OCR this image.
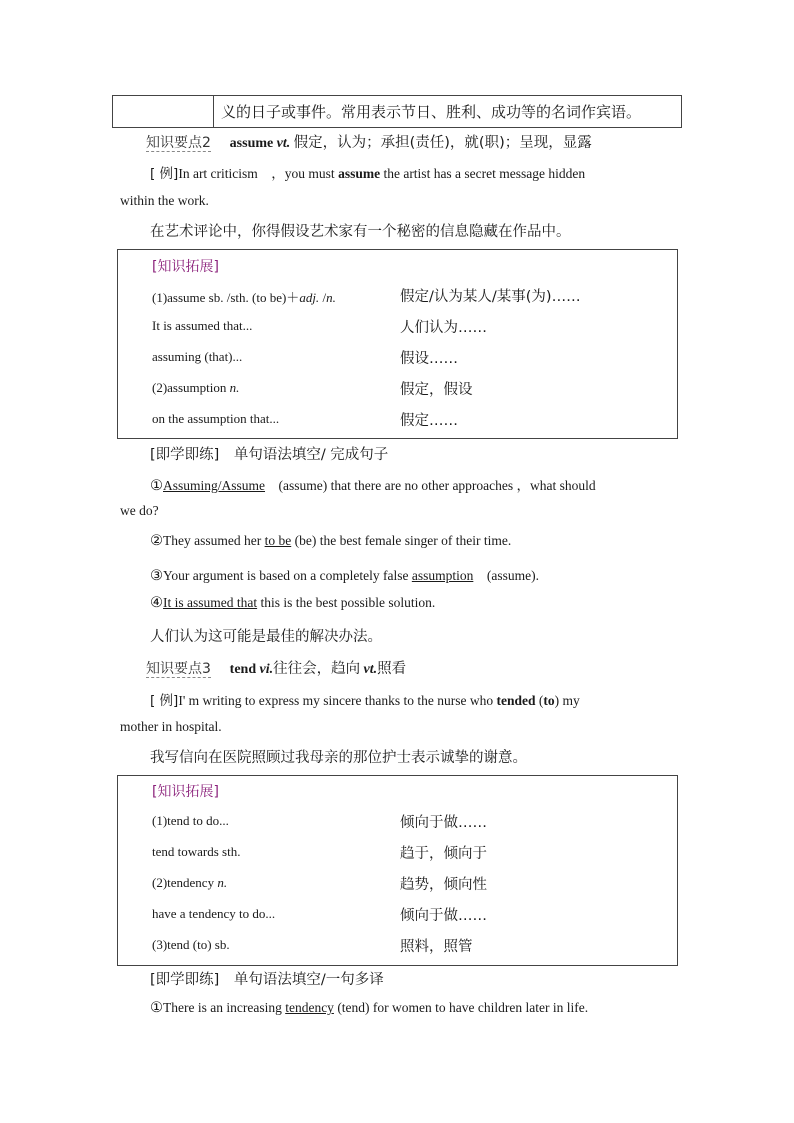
义的日子或事件。常用表示节日、胜利、成功等的名词作宾语。
知识要点2 assume vt. 假定，认为；承担(责任)，就(职)；呈现，显露
[ 例]In art criticism　，you must assume the artist has a secret message hidden
within the work.
在艺术评论中，你得假设艺术家有一个秘密的信息隐藏在作品中。
[知识拓展]
(1)assume sb. /sth. (to be)＋adj. /n.	假定/认为某人/某事(为)……
It is assumed that...	人们认为……
assuming (that)...	假设……
(2)assumption n.	假定，假设
on the assumption that...	假定……
[即学即练]　单句语法填空/ 完成句子
①Assuming/Assume　(assume) that there are no other approaches ，what should
we do?
②They assumed her to be (be) the best female singer of their time.
③Your argument is based on a completely false assumption　(assume).
④It is assumed that this is the best possible solution.
人们认为这可能是最佳的解决办法。
知识要点3 tend vi.往往会，趋向 vt.照看
[ 例]I' m writing to express my sincere thanks to the nurse who tended (to) my
mother in hospital.
我写信向在医院照顾过我母亲的那位护士表示诚挚的谢意。
[知识拓展]
(1)tend to do...	倾向于做……
tend towards sth.	趋于，倾向于
(2)tendency n.	趋势，倾向性
have a tendency to do...	倾向于做……
(3)tend (to) sb.	照料，照管
[即学即练]　单句语法填空/一句多译
①There is an increasing tendency (tend) for women to have children later in life.
